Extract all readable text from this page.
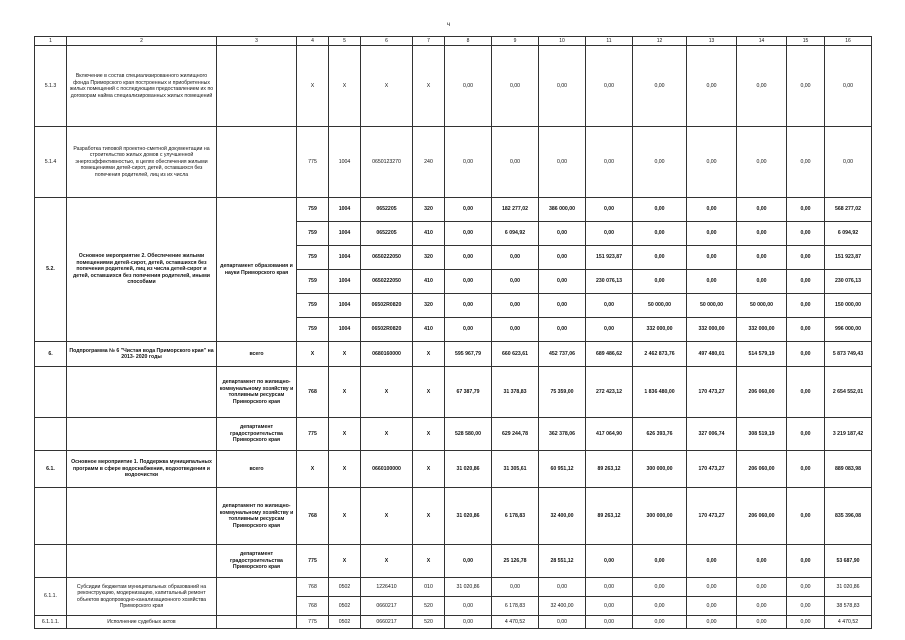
ч
1	2	3	4	5	6	7	8	9	10	11	12	13	14	15	16
5.1.3	Включение в состав специализированного жилищного фонда Приморского края построенных и приобретенных жилых помещений с последующим предоставлением их по договорам найма специализированных жилых помещений		X	X	X	X	0,00	0,00	0,00	0,00	0,00	0,00	0,00	0,00	0,00
5.1.4	Разработка типовой проектно-сметной документации на строительство жилых домов с улучшенной энергоэффективностью, в целях обеспечения жилыми помещениями детей-сирот, детей, оставшихся без попечения родителей, лиц из их числа		775	1004	0650123270	240	0,00	0,00	0,00	0,00	0,00	0,00	0,00	0,00	0,00
5.2.	Основное мероприятие 2. Обеспечение жилыми помещениями детей-сирот, детей, оставшихся без попечения родителей, лиц из числа детей-сирот и детей, оставшихся без попечения родителей, иными способами	департамент образования и науки Приморского края	759	1004	0652205	320	0,00	182 277,02	386 000,00	0,00	0,00	0,00	0,00	0,00	568 277,02
			759	1004	0652205	410	0,00	6 094,92	0,00	0,00	0,00	0,00	0,00	0,00	6 094,92
			759	1004	0650222050	320	0,00	0,00	0,00	151 923,87	0,00	0,00	0,00	0,00	151 923,87
			759	1004	0650222050	410	0,00	0,00	0,00	230 076,13	0,00	0,00	0,00	0,00	230 076,13
			759	1004	06502R0820	320	0,00	0,00	0,00	0,00	50 000,00	50 000,00	50 000,00	0,00	150 000,00
			759	1004	06502R0820	410	0,00	0,00	0,00	0,00	332 000,00	332 000,00	332 000,00	0,00	996 000,00
6.	Подпрограмма № 6 "Чистая вода Приморского края" на 2013- 2020 годы	всего	X	X	0680160000	X	595 967,79	660 623,61	452 737,06	689 486,62	2 462 873,76	497 480,01	514 579,19	0,00	5 873 749,43
		департамент по жилищно-коммунальному хозяйству и топливным ресурсам Приморского края	768	X	X	X	67 387,79	31 378,83	75 359,00	272 423,12	1 836 480,00	170 473,27	206 060,00	0,00	2 654 552,01
		департамент градостроительства Приморского края	775	X	X	X	528 580,00	629 244,78	362 378,06	417 064,90	626 393,76	327 006,74	308 519,19	0,00	3 219 187,42
6.1.	Основное мероприятие 1. Поддержка муниципальных программ в сфере водоснабжения, водоотведения и водоочистки	всего	X	X	0660100000	X	31 020,86	31 305,61	60 951,12	89 263,12	300 000,00	170 473,27	206 060,00	0,00	889 083,98
		департамент по жилищно-коммунальному хозяйству и топливным ресурсам Приморского края	768	X	X	X	31 020,86	6 178,83	32 400,00	89 263,12	300 000,00	170 473,27	206 060,00	0,00	835 396,08
		департамент градостроительства Приморского края	775	X	X	X	0,00	25 126,78	28 551,12	0,00	0,00	0,00	0,00	0,00	53 687,90
6.1.1.	Субсидии бюджетам муниципальных образований на реконструкцию, модернизацию, капитальный ремонт объектов водопроводно-канализационного хозяйства Приморского края		768	0502	1226410	010	31 020,86	0,00	0,00	0,00	0,00	0,00	0,00	0,00	31 020,86
			768	0502	0660217	520	0,00	6 178,83	32 400,00	0,00	0,00	0,00	0,00	0,00	38 578,83
6.1.1.1.	Исполнение судебных актов		775	0502	0660217	520	0,00	4 470,52	0,00	0,00	0,00	0,00	0,00	0,00	4 470,52
